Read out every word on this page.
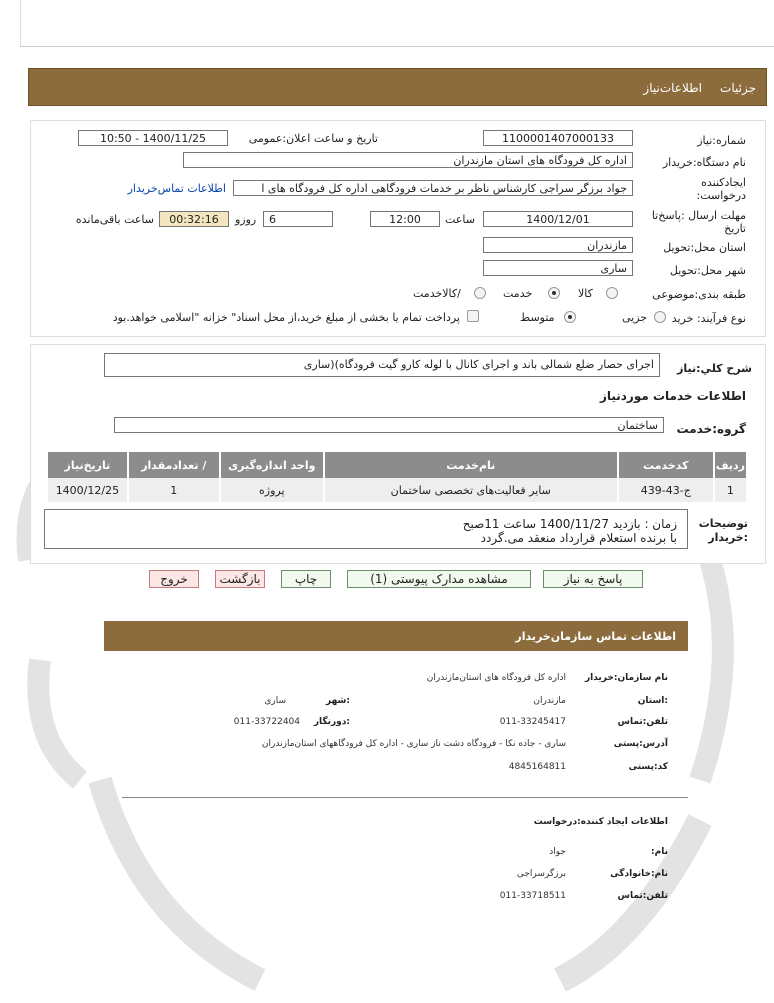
جزئیات
اطلاعات‌نیاز
شماره:نیاز
1100001407000133
تاریخ و ساعت اعلان:عمومی
1400/11/25 - 10:50
نام دستگاه:خریدار
اداره کل فرودگاه های استان مازندران
ایجادکننده
درخواست:
جواد برزگر سراجی کارشناس ناظر بر خدمات فرودگاهی اداره کل فرودگاه های ا
اطلاعات تماس‌خریدار
مهلت ارسال :پاسخ‌تا
تاریخ
1400/12/01
ساعت
12:00
6
روزو
00:32:16
ساعت باقی‌مانده
استان محل:تحویل
مازندران
شهر محل:تحویل
ساری
طبقه بندی:موضوعی
کالا
خدمت
/کالاخدمت
نوع فرآیند: خرید
جزیی
متوسط
پرداخت تمام یا بخشی از مبلغ خرید،از محل اسناد" خزانه "اسلامی خواهد.بود
شرح کلي:نياز
اجرای حصار ضلع شمالی باند و اجرای کانال با لوله کارو گیت فرودگاه)(ساری
اطلاعات خدمات موردنیاز
گروه:خدمت
ساختمان
ردیف	کدخدمت	نام‌خدمت	واحد اندازه‌گیری	/ تعدادمقدار	تاریخ‌نیاز
1	ج-43-439	سایر فعالیت‌های تخصصی ساختمان	پروژه	1	1400/12/25
توضیحات
:خریدار
زمان : بازدید 1400/11/27 ساعت 11صبح
با برنده استعلام قرارداد منعقد می.گردد
پاسخ به نیاز
مشاهده مدارک پیوستی (1)
چاپ
بازگشت
خروج
اطلاعات تماس سازمان‌خریدار
نام سازمان:خریدار
اداره کل فرودگاه های استان‌مازندران
:استان
مازندران
:شهر
ساری
تلفن:تماس
011-33245417
:دورنگار
011-33722404
آدرس:پستی
ساری - جاده نکا - فرودگاه دشت ناز ساری - اداره کل فرودگاههای استان‌مازندران
کد:پستی
4845164811
اطلاعات ایجاد کننده:درخواست
نام:
جواد
نام:خانوادگی
برزگر‌سراجی
تلفن:تماس
011-33718511
